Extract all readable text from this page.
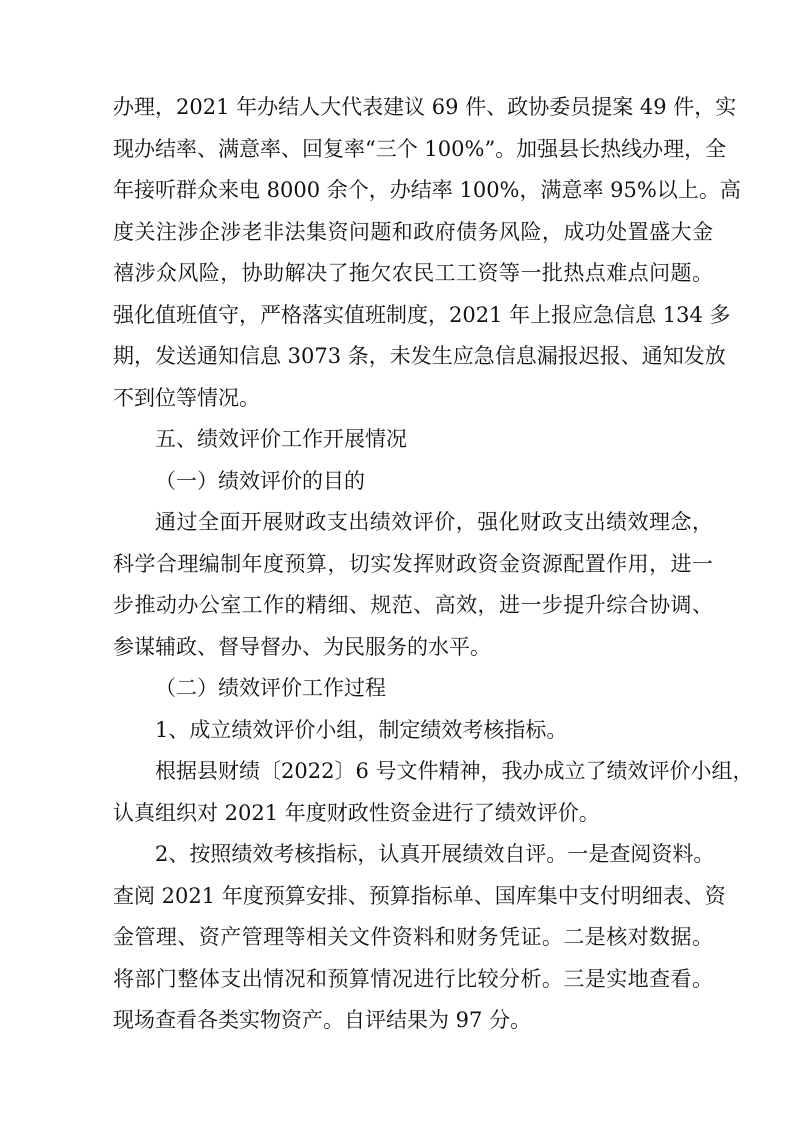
办理，2021 年办结人大代表建议 69 件、政协委员提案 49 件，实
现办结率、满意率、回复率“三个 100%”。加强县长热线办理，全
年接听群众来电 8000 余个，办结率 100%，满意率 95%以上。高
度关注涉企涉老非法集资问题和政府债务风险，成功处置盛大金
禧涉众风险，协助解决了拖欠农民工工资等一批热点难点问题。
强化值班值守，严格落实值班制度，2021 年上报应急信息 134 多
期，发送通知信息 3073 条，未发生应急信息漏报迟报、通知发放
不到位等情况。
五、绩效评价工作开展情况
（一）绩效评价的目的
通过全面开展财政支出绩效评价，强化财政支出绩效理念，
科学合理编制年度预算，切实发挥财政资金资源配置作用，进一
步推动办公室工作的精细、规范、高效，进一步提升综合协调、
参谋辅政、督导督办、为民服务的水平。
（二）绩效评价工作过程
1、成立绩效评价小组，制定绩效考核指标。
根据县财绩〔2022〕6 号文件精神，我办成立了绩效评价小组，
认真组织对 2021 年度财政性资金进行了绩效评价。
2、按照绩效考核指标，认真开展绩效自评。一是查阅资料。
查阅 2021 年度预算安排、预算指标单、国库集中支付明细表、资
金管理、资产管理等相关文件资料和财务凭证。二是核对数据。
将部门整体支出情况和预算情况进行比较分析。三是实地查看。
现场查看各类实物资产。自评结果为 97 分。
